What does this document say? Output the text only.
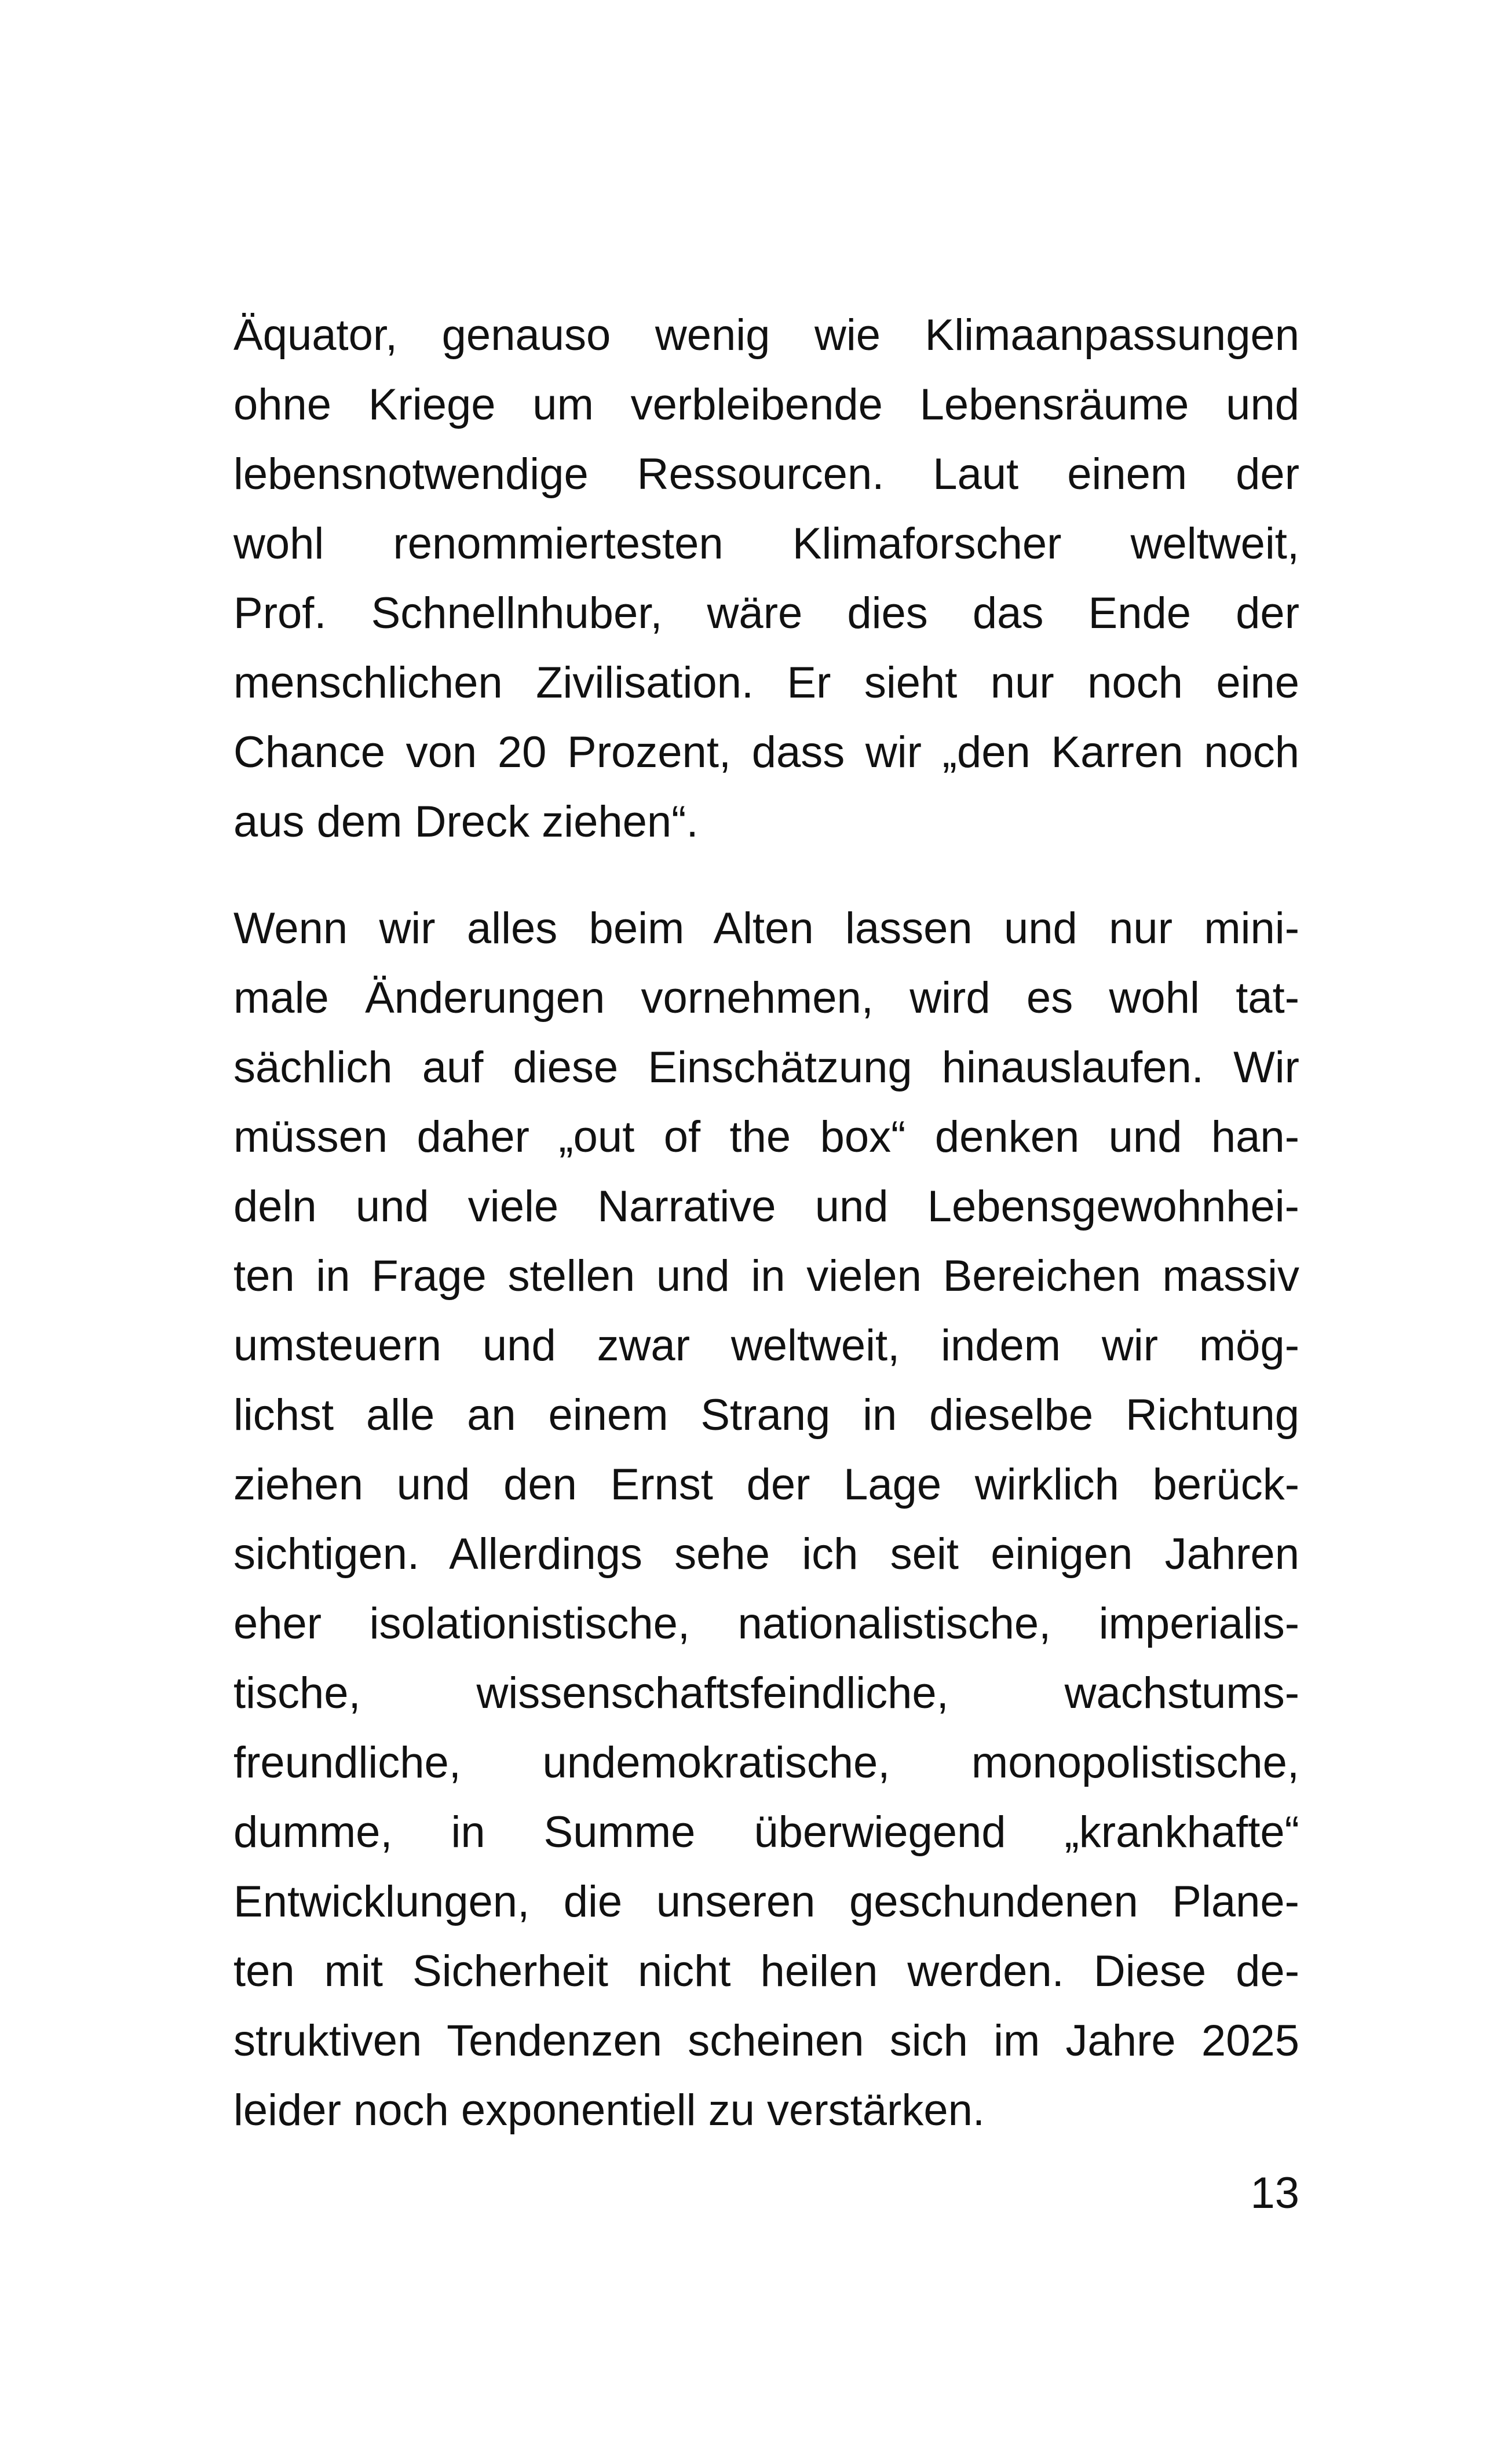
Äquator, genauso wenig wie Klimaanpassungen
ohne Kriege um verbleibende Lebensräume und
lebensnotwendige Ressourcen. Laut einem der
wohl renommiertesten Klimaforscher weltweit,
Prof. Schnellnhuber, wäre dies das Ende der
menschlichen Zivilisation. Er sieht nur noch eine
Chance von 20 Prozent, dass wir „den Karren noch
aus dem Dreck ziehen“.

Wenn wir alles beim Alten lassen und nur mini-
male Änderungen vornehmen, wird es wohl tat-
sächlich auf diese Einschätzung hinauslaufen. Wir
müssen daher „out of the box“ denken und han-
deln und viele Narrative und Lebensgewohnhei-
ten in Frage stellen und in vielen Bereichen massiv
umsteuern und zwar weltweit, indem wir mög-
lichst alle an einem Strang in dieselbe Richtung
ziehen und den Ernst der Lage wirklich berück-
sichtigen. Allerdings sehe ich seit einigen Jahren
eher isolationistische, nationalistische, imperialis-
tische, wissenschaftsfeindliche, wachstums-
freundliche, undemokratische, monopolistische,
dumme, in Summe überwiegend „krankhafte“
Entwicklungen, die unseren geschundenen Plane-
ten mit Sicherheit nicht heilen werden. Diese de-
struktiven Tendenzen scheinen sich im Jahre 2025
leider noch exponentiell zu verstärken.

13
